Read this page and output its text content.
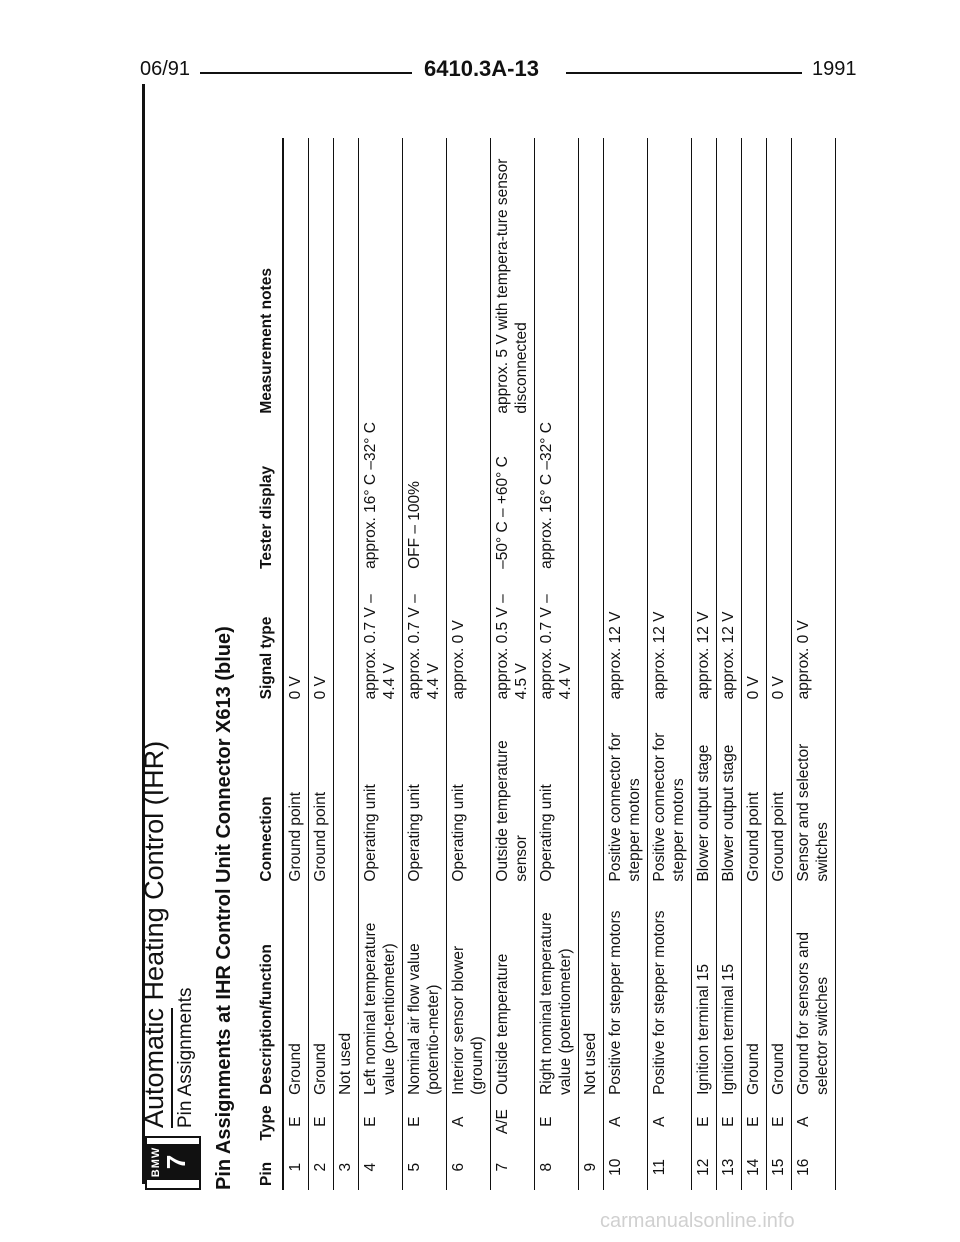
06/91	6410.3A-13	1991
BMW 7
Automatic Heating Control (IHR) Pin Assignments Pin Assignments at IHR Control Unit Connector X613 (blue) Pin	Type	Description/function	Connection	Signal type	Tester display	Measurement notes
1	E	Ground	Ground point	0 V		
2	E	Ground	Ground point	0 V		
3		Not used				
4	E	Left nominal temperature value (po-tentiometer)	Operating unit	approx. 0.7 V – 4.4 V	approx. 16° C –32° C	
5	E	Nominal air flow value (potentio-meter)	Operating unit	approx. 0.7 V – 4.4 V	OFF – 100%	
6	A	Interior sensor blower (ground)	Operating unit	approx. 0 V		
7	A/E	Outside temperature	Outside temperature sensor	approx. 0.5 V – 4.5 V	–50° C – +60° C	approx. 5 V with tempera-ture sensor disconnected
8	E	Right nominal temperature value (potentiometer)	Operating unit	approx. 0.7 V – 4.4 V	approx. 16° C –32° C	
9		Not used				
10	A	Positive for stepper motors	Positive connector for stepper motors	approx. 12 V		
11	A	Positive for stepper motors	Positive connector for stepper motors	approx. 12 V		
12	E	Ignition terminal 15	Blower output stage	approx. 12 V		
13	E	Ignition terminal 15	Blower output stage	approx. 12 V		
14	E	Ground	Ground point	0 V		
15	E	Ground	Ground point	0 V		
16	A	Ground for sensors and selector switches	Sensor and selector switches	approx. 0 V		
carmanualsonline.info
